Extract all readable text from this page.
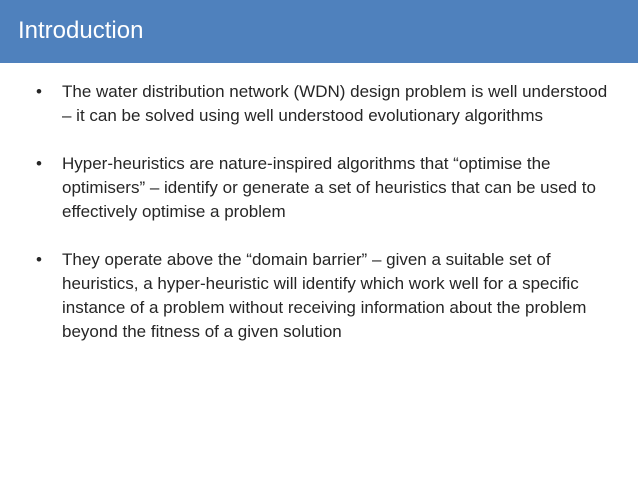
Introduction
•	The water distribution network (WDN) design problem is well understood – it can be solved using well understood evolutionary algorithms
•	Hyper-heuristics are nature-inspired algorithms that “optimise the optimisers” – identify or generate a set of heuristics that can be used to effectively optimise a problem
•	They operate above the “domain barrier” – given a suitable set of heuristics, a hyper-heuristic will identify which work well for a specific instance of a problem without receiving information about the problem beyond the fitness of a given solution
